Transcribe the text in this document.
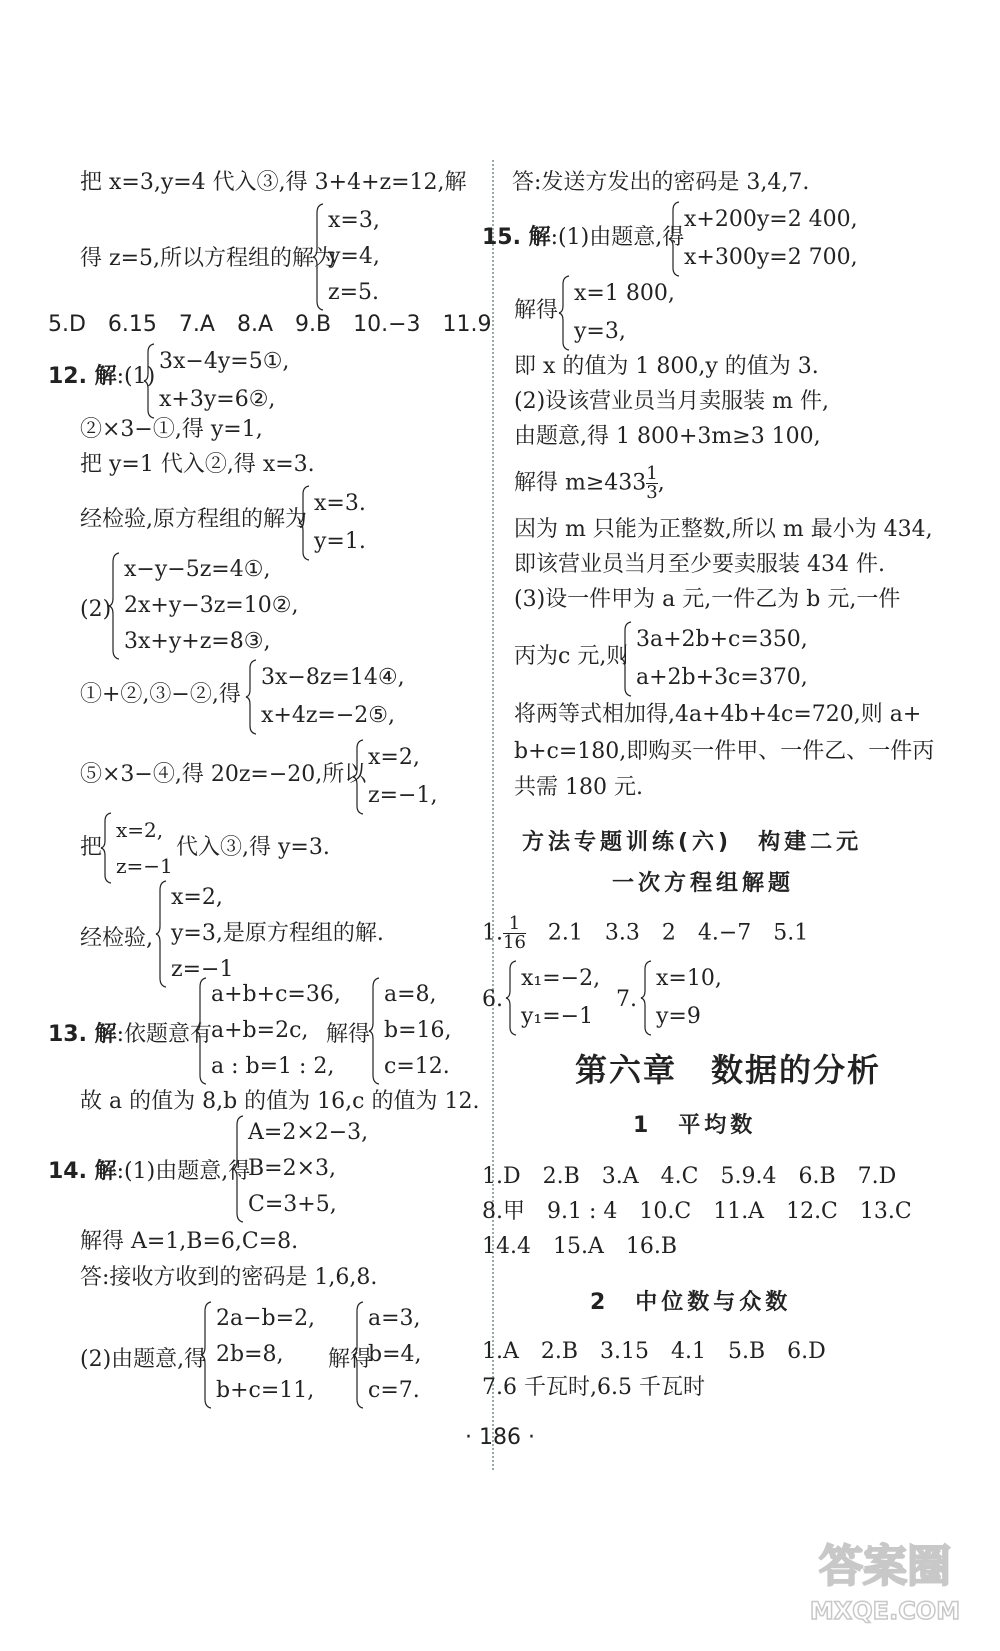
把 x=3,y=4 代入③,得 3+4+z=12,解
得 z=5,所以方程组的解为
x=3,
y=4,
z=5.
5.D　6.15　7.A　8.A　9.B　10.−3　11.9
12. 解:(1)
3x−4y=5①,
x+3y=6②,
②×3−①,得 y=1,
把 y=1 代入②,得 x=3.
经检验,原方程组的解为
x=3.
y=1.
(2)
x−y−5z=4①,
2x+y−3z=10②,
3x+y+z=8③,
①+②,③−②,得
3x−8z=14④,
x+4z=−2⑤,
⑤×3−④,得 20z=−20,所以
x=2,
z=−1,
把
x=2,
z=−1
代入③,得 y=3.
经检验,
x=2,
y=3,是原方程组的解.
z=−1
13. 解:依题意有
a+b+c=36,
a+b=2c,
a : b=1 : 2,
解得
a=8,
b=16,
c=12.
故 a 的值为 8,b 的值为 16,c 的值为 12.
14. 解:(1)由题意,得
A=2×2−3,
B=2×3,
C=3+5,
解得 A=1,B=6,C=8.
答:接收方收到的密码是 1,6,8.
(2)由题意,得
2a−b=2,
2b=8,
b+c=11,
解得
a=3,
b=4,
c=7.
答:发送方发出的密码是 3,4,7.
15. 解:(1)由题意,得
x+200y=2 400,
x+300y=2 700,
解得
x=1 800,
y=3,
即 x 的值为 1 800,y 的值为 3.
(2)设该营业员当月卖服装 m 件,
由题意,得 1 800+3m≥3 100,
解得 $m\ge 433 \frac{1}{3}$ ,
因为 m 只能为正整数,所以 m 最小为 434,
即该营业员当月至少要卖服装 434 件.
(3)设一件甲为 a 元,一件乙为 b 元,一件
丙为c 元,则
3a+2b+c=350,
a+2b+3c=370,
将两等式相加得,4a+4b+4c=720,则 a+
b+c=180,即购买一件甲、一件乙、一件丙
共需 180 元.
方法专题训练(六)　构建二元
一次方程组解题
1. $\frac{1}{16}$ 　2.1　3.3　2　4.−7　5.1
6.
x₁=−2,
y₁=−1
7.
x=10,
y=9
第六章　数据的分析
1　平均数
1.D　2.B　3.A　4.C　5.9.4　6.B　7.D
8.甲　9.1 : 4　10.C　11.A　12.C　13.C
14.4　15.A　16.B
2　中位数与众数
1.A　2.B　3.15　4.1　5.B　6.D
7.6 千瓦时,6.5 千瓦时
· 186 ·
答案圈
MXQE.COM
